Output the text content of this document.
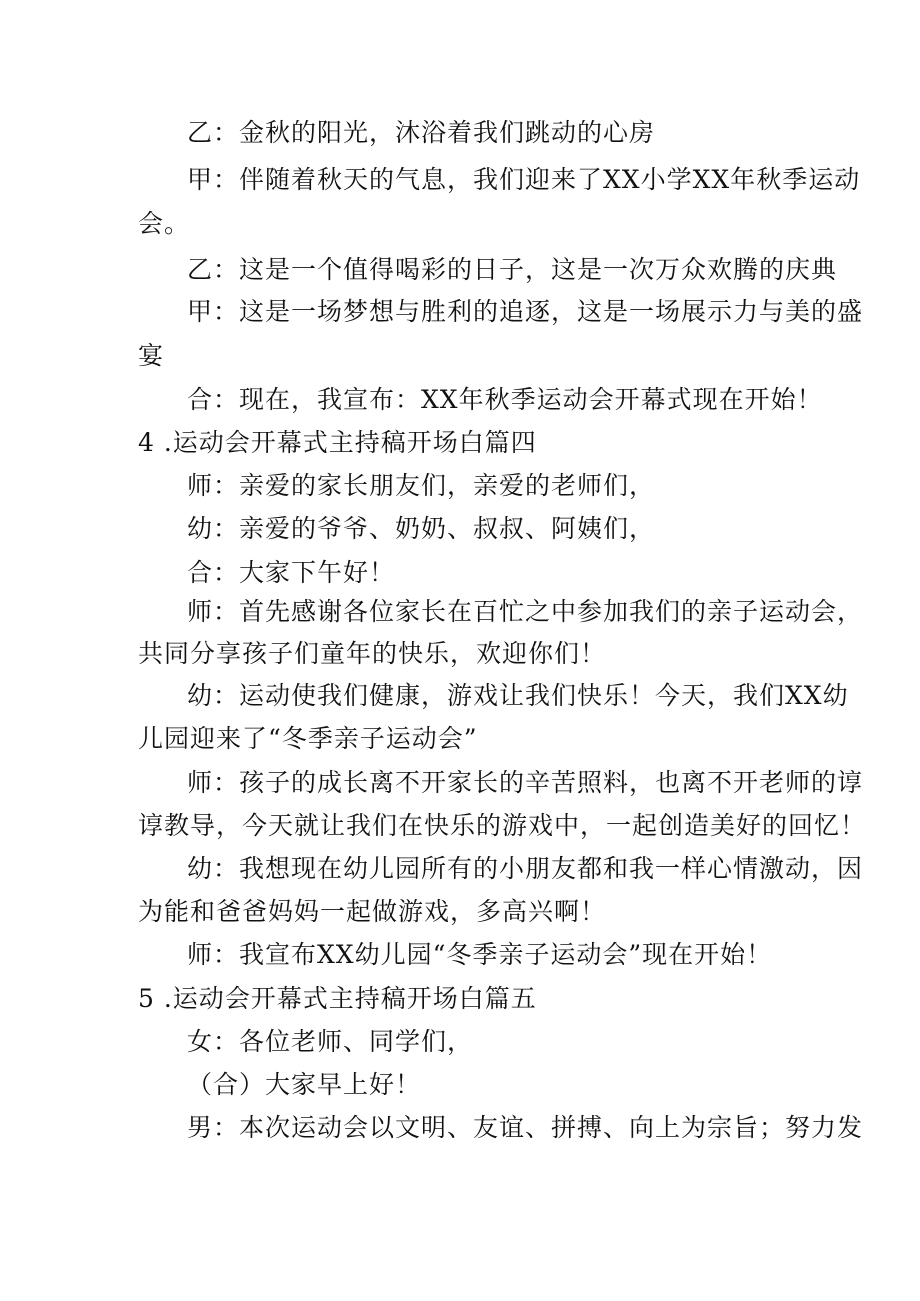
乙：金秋的阳光，沐浴着我们跳动的心房
甲：伴随着秋天的气息，我们迎来了XX小学XX年秋季运动
会。
乙：这是一个值得喝彩的日子，这是一次万众欢腾的庆典
甲：这是一场梦想与胜利的追逐，这是一场展示力与美的盛
宴
合：现在，我宣布：XX年秋季运动会开幕式现在开始！
4 .运动会开幕式主持稿开场白篇四
师：亲爱的家长朋友们，亲爱的老师们，
幼：亲爱的爷爷、奶奶、叔叔、阿姨们，
合：大家下午好！
师：首先感谢各位家长在百忙之中参加我们的亲子运动会，
共同分享孩子们童年的快乐，欢迎你们！
幼：运动使我们健康，游戏让我们快乐！今天，我们XX幼
儿园迎来了“冬季亲子运动会”
师：孩子的成长离不开家长的辛苦照料，也离不开老师的谆
谆教导，今天就让我们在快乐的游戏中，一起创造美好的回忆！
幼：我想现在幼儿园所有的小朋友都和我一样心情激动，因
为能和爸爸妈妈一起做游戏，多高兴啊！
师：我宣布XX幼儿园“冬季亲子运动会”现在开始！
5 .运动会开幕式主持稿开场白篇五
女：各位老师、同学们，
（合）大家早上好！
男：本次运动会以文明、友谊、拼搏、向上为宗旨；努力发
